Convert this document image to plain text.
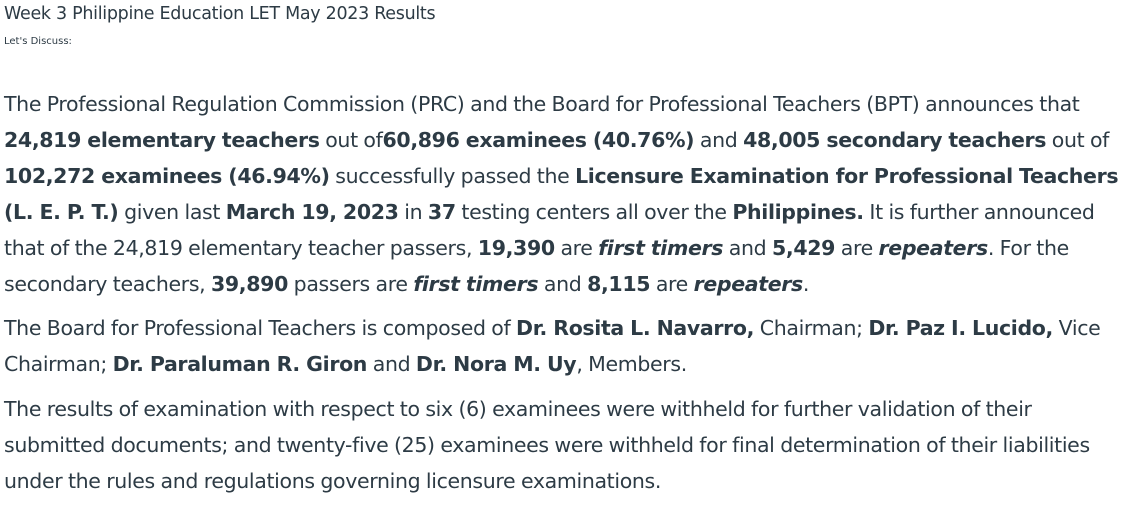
Week 3 Philippine Education LET May 2023 Results

Let's Discuss:

The Professional Regulation Commission (PRC) and the Board for Professional Teachers (BPT) announces that 24,819 elementary teachers out of60,896 examinees (40.76%) and 48,005 secondary teachers out of 102,272 examinees (46.94%) successfully passed the Licensure Examination for Professional Teachers (L. E. P. T.) given last March 19, 2023 in 37 testing centers all over the Philippines. It is further announced that of the 24,819 elementary teacher passers, 19,390 are first timers and 5,429 are repeaters. For the secondary teachers, 39,890 passers are first timers and 8,115 are repeaters.

The Board for Professional Teachers is composed of Dr. Rosita L. Navarro, Chairman; Dr. Paz I. Lucido, Vice Chairman; Dr. Paraluman R. Giron and Dr. Nora M. Uy, Members.

The results of examination with respect to six (6) examinees were withheld for further validation of their submitted documents; and twenty-five (25) examinees were withheld for final determination of their liabilities under the rules and regulations governing licensure examinations.
